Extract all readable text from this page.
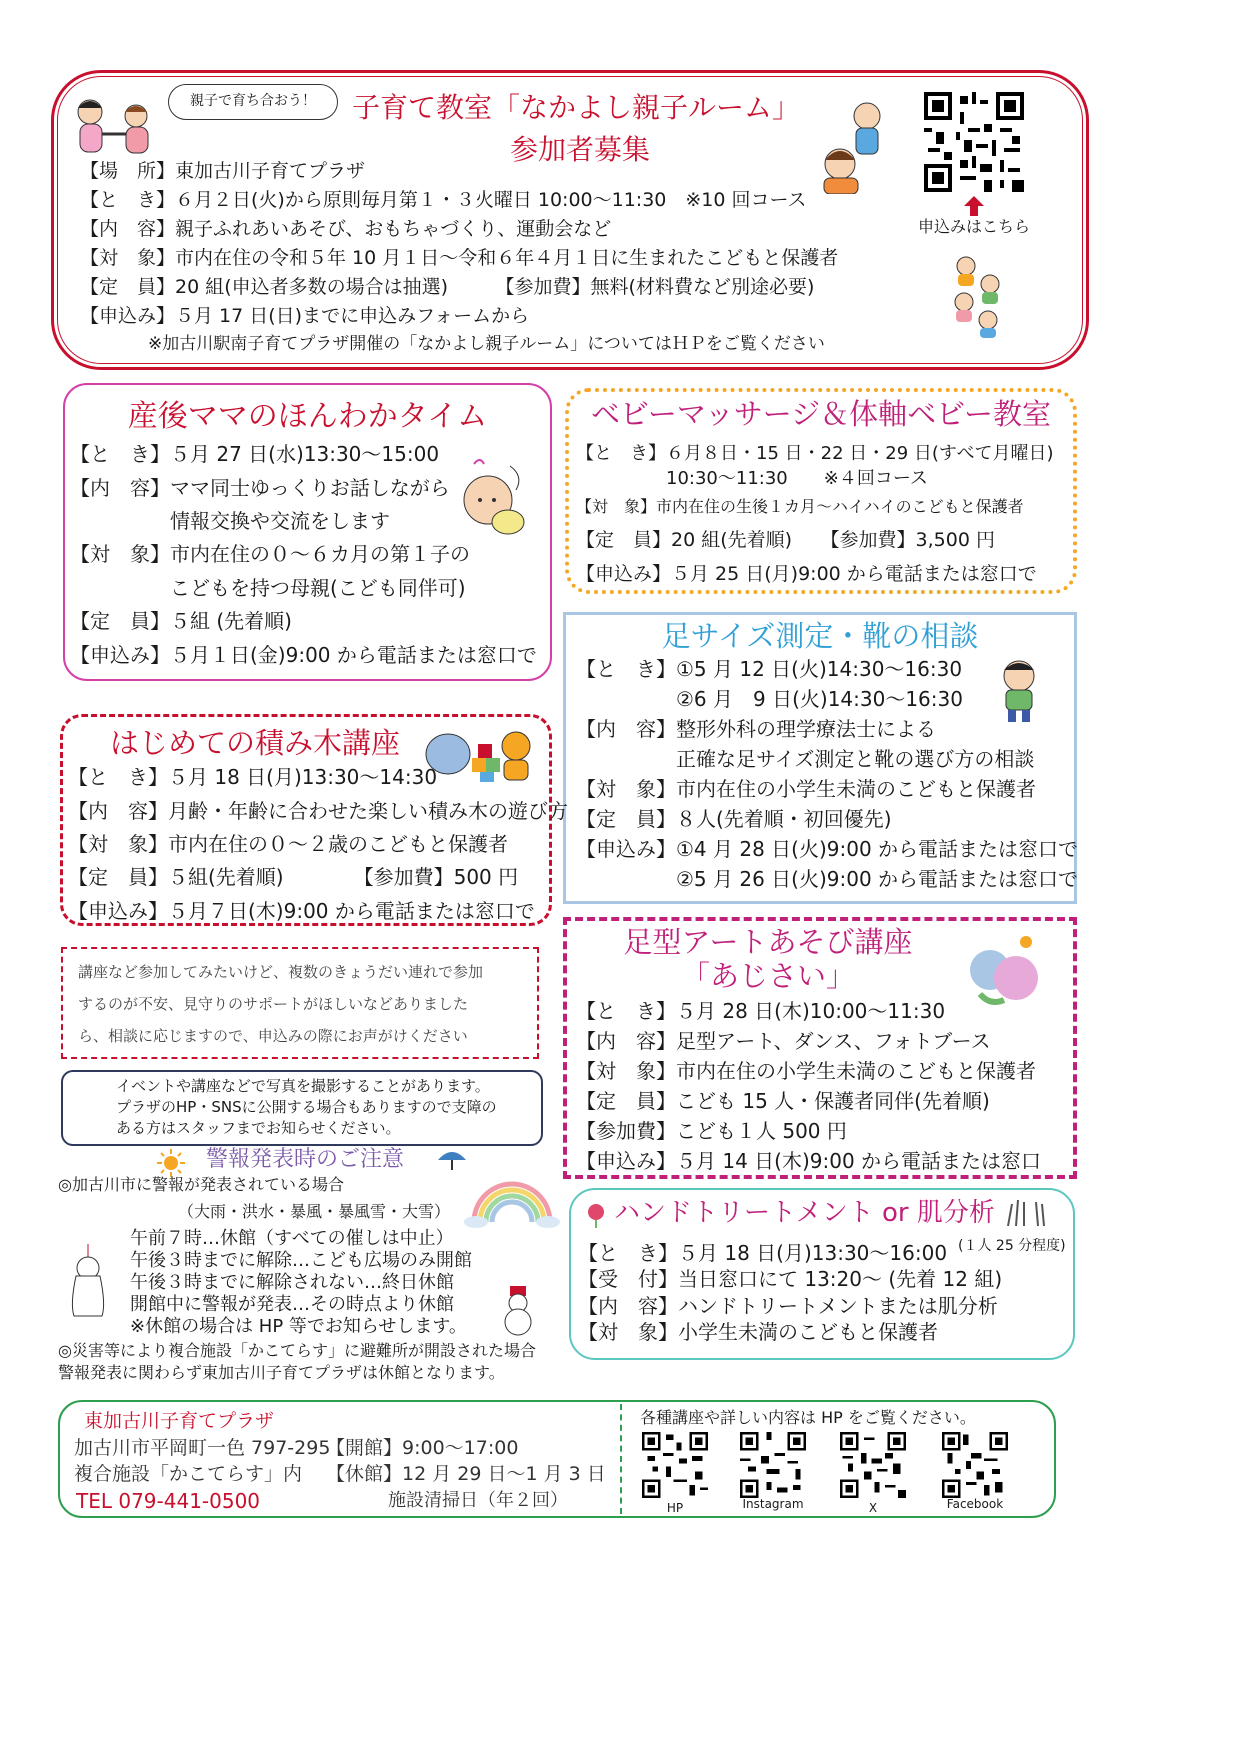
親子で育ち合おう！	子育て教室「なかよし親子ルーム」
参加者募集
申込みはこちら
【場　所】東加古川子育てプラザ
【と　き】６月２日(火)から原則毎月第１・３火曜日 10:00～11:30　※10 回コース
【内　容】親子ふれあいあそび、おもちゃづくり、運動会など
【対　象】市内在住の令和５年 10 月１日～令和６年４月１日に生まれたこどもと保護者
【定　員】20 組(申込者多数の場合は抽選)　　　【参加費】無料(材料費など別途必要)
【申込み】５月 17 日(日)までに申込みフォームから
　　　　※加古川駅南子育てプラザ開催の「なかよし親子ルーム」についてはＨＰをご覧ください
産後ママのほんわかタイム
【と　き】５月 27 日(水)13:30～15:00
【内　容】ママ同士ゆっくりお話しながら
　　　　　情報交換や交流をします
【対　象】市内在住の０～６カ月の第１子の
　　　　　こどもを持つ母親(こども同伴可)
【定　員】５組 (先着順)
【申込み】５月１日(金)9:00 から電話または窓口で
ベビーマッサージ＆体軸ベビー教室
【と　き】６月８日・15 日・22 日・29 日(すべて月曜日)
　　　　　10:30～11:30　　※４回コース
【対　象】市内在住の生後１カ月～ハイハイのこどもと保護者
【定　員】20 組(先着順)　　【参加費】3,500 円
【申込み】５月 25 日(月)9:00 から電話または窓口で
足サイズ測定・靴の相談
【と　き】①5 月 12 日(火)14:30～16:30
　　　　　②6 月　9 日(火)14:30～16:30
【内　容】整形外科の理学療法士による
　　　　　正確な足サイズ測定と靴の選び方の相談
【対　象】市内在住の小学生未満のこどもと保護者
【定　員】８人(先着順・初回優先)
【申込み】①4 月 28 日(火)9:00 から電話または窓口で
　　　　　②5 月 26 日(火)9:00 から電話または窓口で
はじめての積み木講座
【と　き】５月 18 日(月)13:30～14:30
【内　容】月齢・年齢に合わせた楽しい積み木の遊び方
【対　象】市内在住の０～２歳のこどもと保護者
【定　員】５組(先着順)　　　　【参加費】500 円
【申込み】５月７日(木)9:00 から電話または窓口で
講座など参加してみたいけど、複数のきょうだい連れで参加
するのが不安、見守りのサポートがほしいなどありました
ら、相談に応じますので、申込みの際にお声がけください
イベントや講座などで写真を撮影することがあります。
プラザのHP・SNSに公開する場合もありますので支障の
ある方はスタッフまでお知らせください。
警報発表時のご注意
◎加古川市に警報が発表されている場合
（大雨・洪水・暴風・暴風雪・大雪）
午前７時…休館（すべての催しは中止）
午後３時までに解除…こども広場のみ開館
午後３時までに解除されない…終日休館
開館中に警報が発表…その時点より休館
※休館の場合は HP 等でお知らせします。
◎災害等により複合施設「かこてらす」に避難所が開設された場合
警報発表に関わらず東加古川子育てプラザは休館となります。
足型アートあそび講座
「あじさい」
【と　き】５月 28 日(木)10:00～11:30
【内　容】足型アート、ダンス、フォトブース
【対　象】市内在住の小学生未満のこどもと保護者
【定　員】こども 15 人・保護者同伴(先着順)
【参加費】こども１人 500 円
【申込み】５月 14 日(木)9:00 から電話または窓口
ハンドトリートメント or 肌分析
(１人 25 分程度)
【と　き】５月 18 日(月)13:30～16:00
【受　付】当日窓口にて 13:20～ (先着 12 組)
【内　容】ハンドトリートメントまたは肌分析
【対　象】小学生未満のこどもと保護者
東加古川子育てプラザ
加古川市平岡町一色 797-295
複合施設「かこてらす」内
TEL 079-441-0500
【開館】9:00～17:00
【休館】12 月 29 日～1 月 3 日
施設清掃日（年２回）
各種講座や詳しい内容は HP をご覧ください。
HP	Instagram	X	Facebook
